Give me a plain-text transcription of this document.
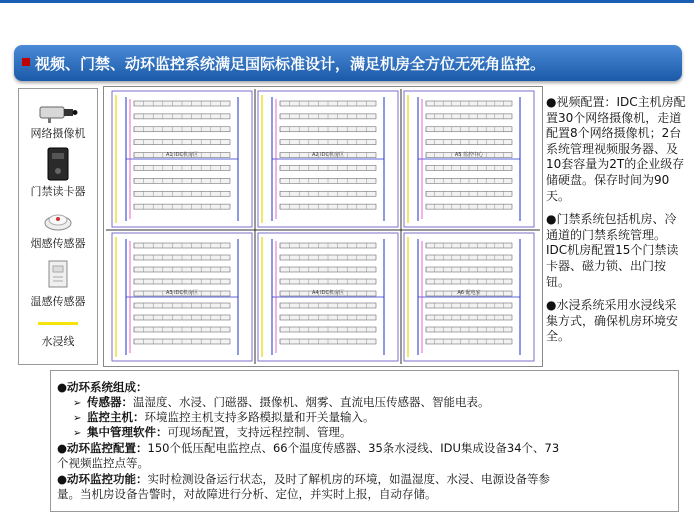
视频、门禁、动环监控系统满足国际标准设计，满足机房全方位无死角监控。
网络摄像机
门禁读卡器
烟感传感器
温感传感器
水浸线
A1 IDC机房区	A2 IDC机房区
A3 IDC机房区	A4 IDC机房区
A5 监控中心
A6 配电室

●视频配置：IDC主机房配置30个网络摄像机，走道配置8个网络摄像机；2台系统管理视频服务器、及10套容量为2T的企业级存储硬盘。保存时间为90天。

●门禁系统包括机房、冷通道的门禁系统管理。IDC机房配置15个门禁读卡器、磁力锁、出门按钮。

●水浸系统采用水浸线采集方式，确保机房环境安全。

●动环系统组成：
➢ 传感器：温湿度、水浸、门磁器、摄像机、烟雾、直流电压传感器、智能电表。
➢ 监控主机：环境监控主机支持多路模拟量和开关量输入。
➢ 集中管理软件：可现场配置，支持远程控制、管理。
●动环监控配置：150个低压配电监控点、66个温度传感器、35条水浸线、IDU集成设备34个、73
个视频监控点等。
●动环监控功能：实时检测设备运行状态，及时了解机房的环境，如温湿度、水浸、电源设备等参
量。当机房设备告警时，对故障进行分析、定位，并实时上报，自动存储。
